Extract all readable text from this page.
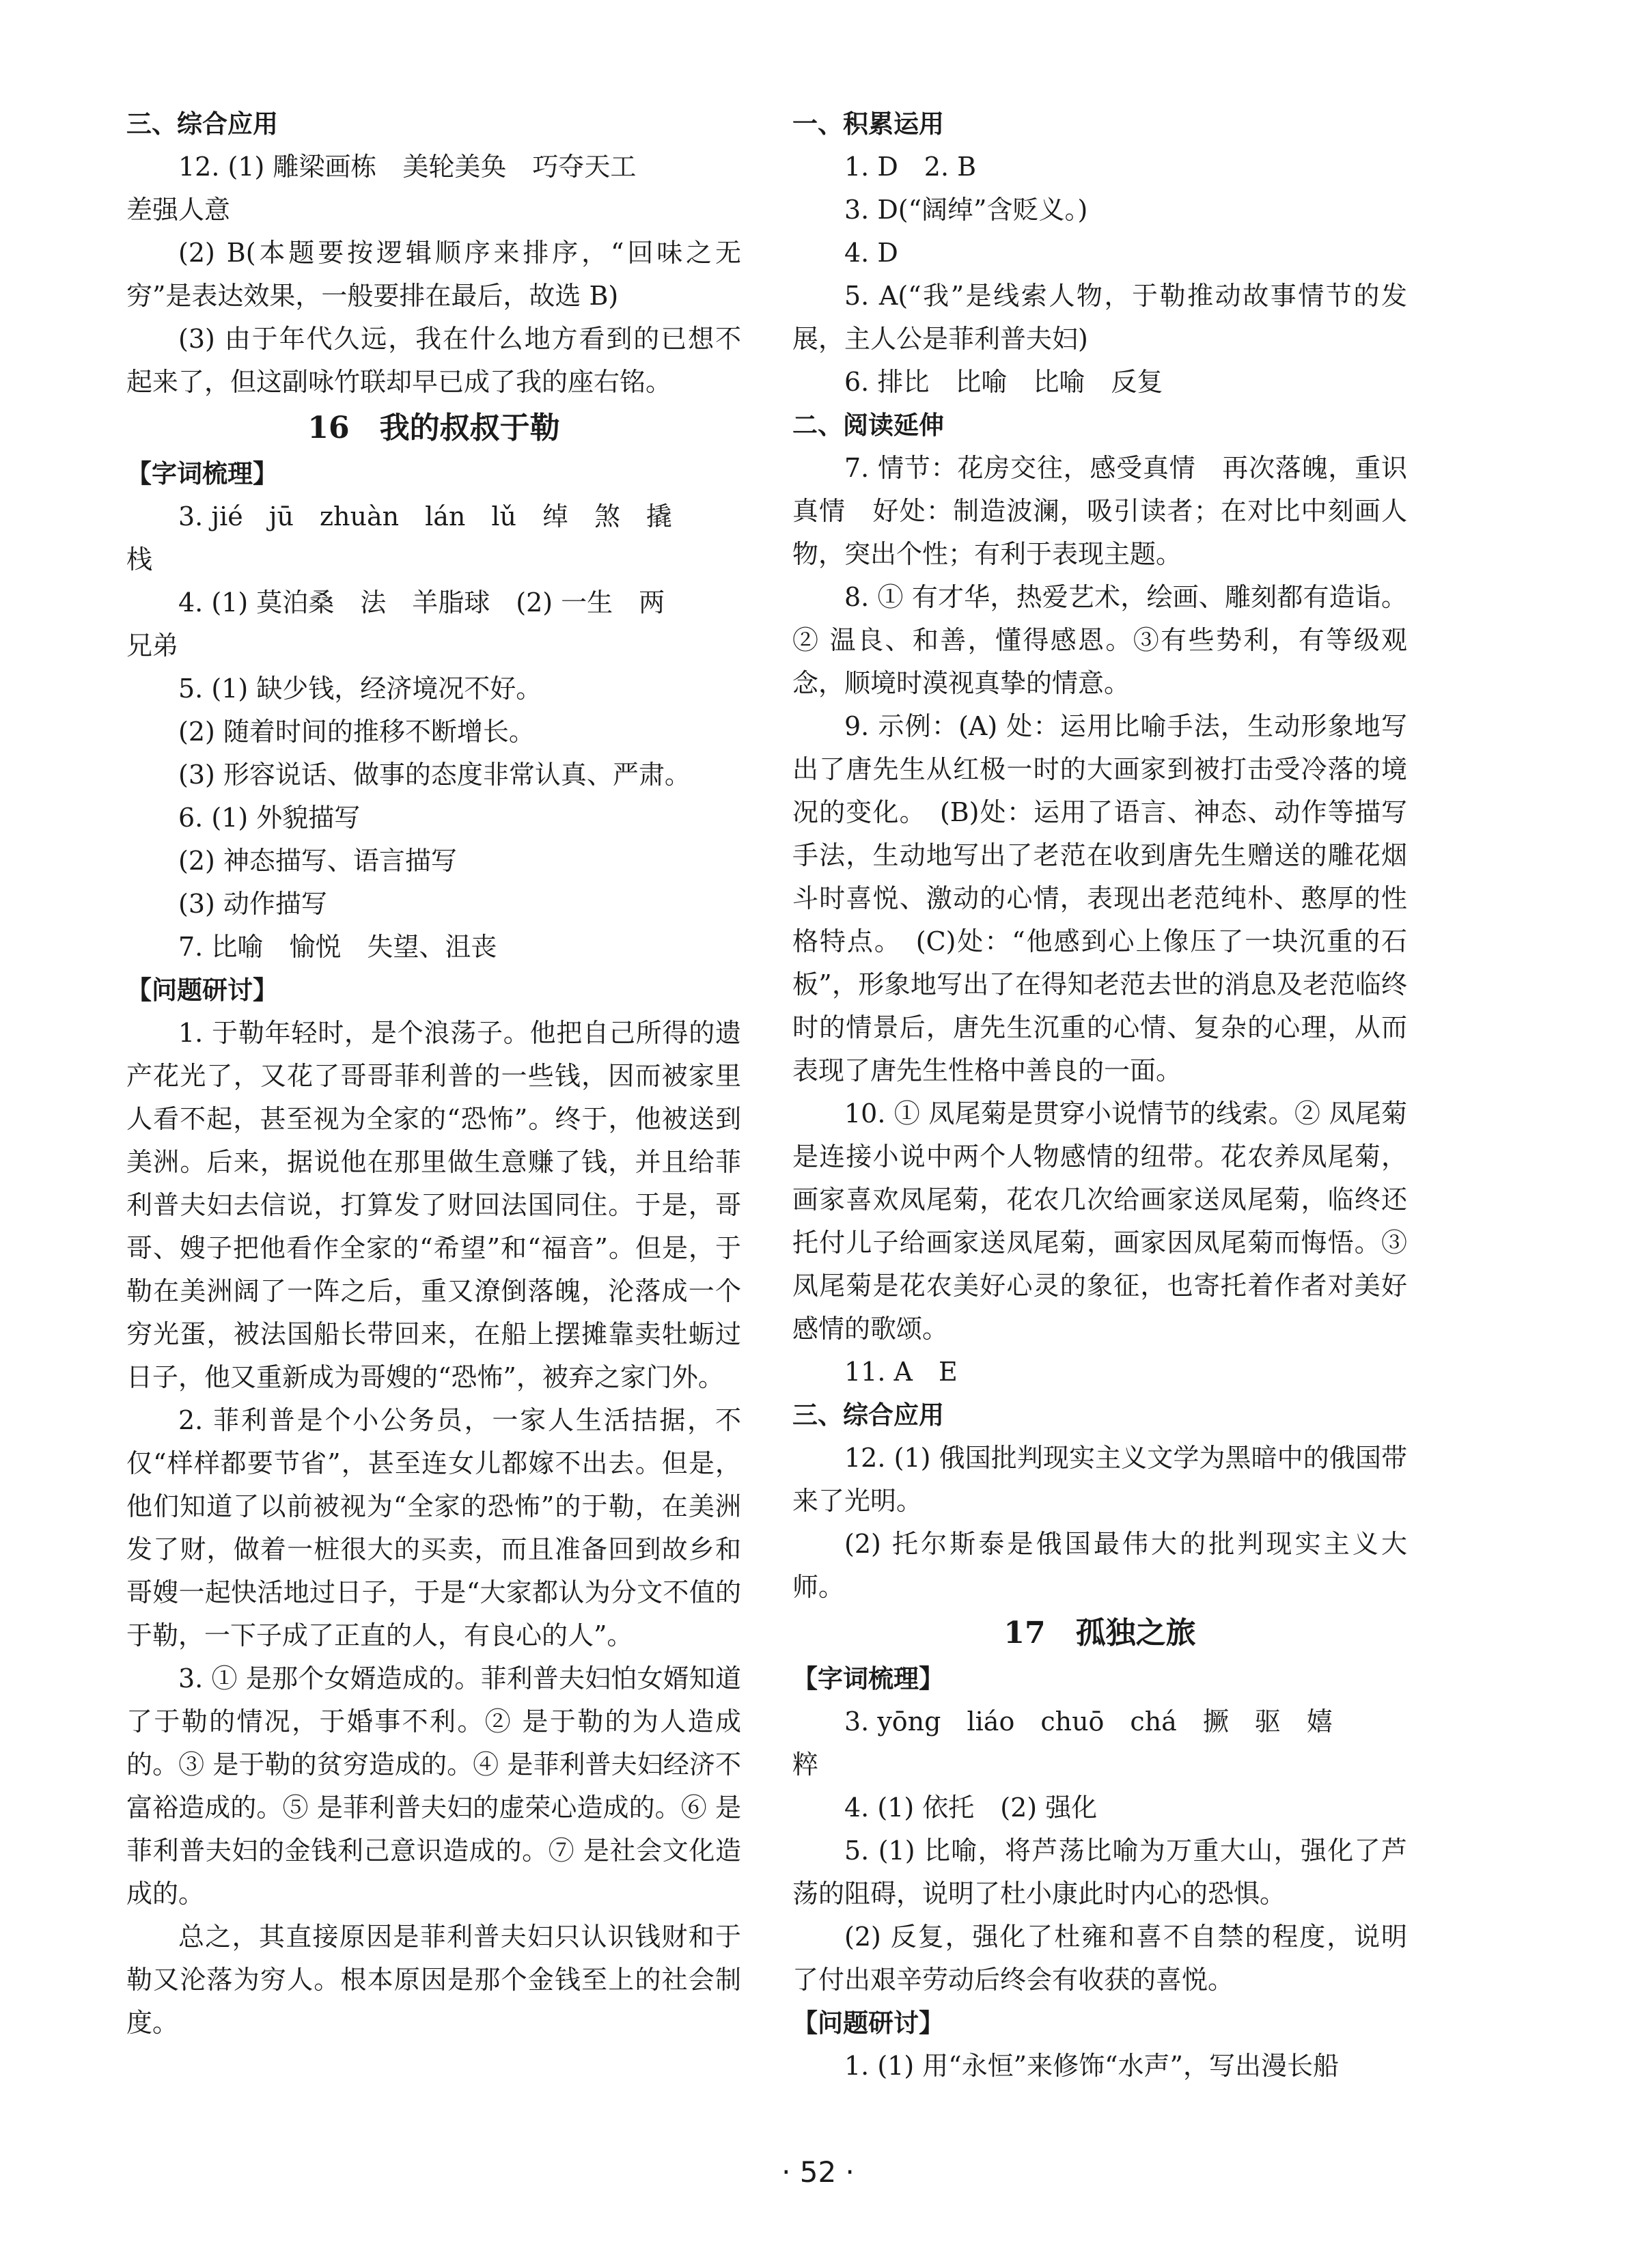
三、综合应用
12. (1) 雕梁画栋　美轮美奂　巧夺天工
差强人意
(2) B(本题要按逻辑顺序来排序，“回味之无穷”是表达效果，一般要排在最后，故选 B)
(3) 由于年代久远，我在什么地方看到的已想不起来了，但这副咏竹联却早已成了我的座右铭。
16　我的叔叔于勒
【字词梳理】
3. jié　jū　zhuàn　lán　lǔ　绰　煞　撬
栈
4. (1) 莫泊桑　法　羊脂球　(2) 一生　两
兄弟
5. (1) 缺少钱，经济境况不好。
(2) 随着时间的推移不断增长。
(3) 形容说话、做事的态度非常认真、严肃。
6. (1) 外貌描写
(2) 神态描写、语言描写
(3) 动作描写
7. 比喻　愉悦　失望、沮丧
【问题研讨】
1. 于勒年轻时，是个浪荡子。他把自己所得的遗产花光了，又花了哥哥菲利普的一些钱，因而被家里人看不起，甚至视为全家的“恐怖”。终于，他被送到美洲。后来，据说他在那里做生意赚了钱，并且给菲利普夫妇去信说，打算发了财回法国同住。于是，哥哥、嫂子把他看作全家的“希望”和“福音”。但是，于勒在美洲阔了一阵之后，重又潦倒落魄，沦落成一个穷光蛋，被法国船长带回来，在船上摆摊靠卖牡蛎过日子，他又重新成为哥嫂的“恐怖”，被弃之家门外。
2. 菲利普是个小公务员，一家人生活拮据，不仅“样样都要节省”，甚至连女儿都嫁不出去。但是，他们知道了以前被视为“全家的恐怖”的于勒，在美洲发了财，做着一桩很大的买卖，而且准备回到故乡和哥嫂一起快活地过日子，于是“大家都认为分文不值的于勒，一下子成了正直的人，有良心的人”。
3. ① 是那个女婿造成的。菲利普夫妇怕女婿知道了于勒的情况，于婚事不利。② 是于勒的为人造成的。③ 是于勒的贫穷造成的。④ 是菲利普夫妇经济不富裕造成的。⑤ 是菲利普夫妇的虚荣心造成的。⑥ 是菲利普夫妇的金钱利己意识造成的。⑦ 是社会文化造成的。
总之，其直接原因是菲利普夫妇只认识钱财和于勒又沦落为穷人。根本原因是那个金钱至上的社会制度。
一、积累运用
1. D　2. B
3. D(“阔绰”含贬义。)
4. D
5. A(“我”是线索人物，于勒推动故事情节的发展，主人公是菲利普夫妇)
6. 排比　比喻　比喻　反复
二、阅读延伸
7. 情节：花房交往，感受真情　再次落魄，重识真情　好处：制造波澜，吸引读者；在对比中刻画人物，突出个性；有利于表现主题。
8. ① 有才华，热爱艺术，绘画、雕刻都有造诣。② 温良、和善，懂得感恩。③有些势利，有等级观念，顺境时漠视真挚的情意。
9. 示例：(A) 处：运用比喻手法，生动形象地写出了唐先生从红极一时的大画家到被打击受冷落的境况的变化。　(B)处：运用了语言、神态、动作等描写手法，生动地写出了老范在收到唐先生赠送的雕花烟斗时喜悦、激动的心情，表现出老范纯朴、憨厚的性格特点。　(C)处：“他感到心上像压了一块沉重的石板”，形象地写出了在得知老范去世的消息及老范临终时的情景后，唐先生沉重的心情、复杂的心理，从而表现了唐先生性格中善良的一面。
10. ① 凤尾菊是贯穿小说情节的线索。② 凤尾菊是连接小说中两个人物感情的纽带。花农养凤尾菊，画家喜欢凤尾菊，花农几次给画家送凤尾菊，临终还托付儿子给画家送凤尾菊，画家因凤尾菊而悔悟。③ 凤尾菊是花农美好心灵的象征，也寄托着作者对美好感情的歌颂。
11. A　E
三、综合应用
12. (1) 俄国批判现实主义文学为黑暗中的俄国带来了光明。
(2) 托尔斯泰是俄国最伟大的批判现实主义大师。
17　孤独之旅
【字词梳理】
3. yōng　liáo　chuō　chá　撅　驱　嬉
粹
4. (1) 依托　(2) 强化
5. (1) 比喻，将芦荡比喻为万重大山，强化了芦荡的阻碍，说明了杜小康此时内心的恐惧。
(2) 反复，强化了杜雍和喜不自禁的程度，说明了付出艰辛劳动后终会有收获的喜悦。
【问题研讨】
1. (1) 用“永恒”来修饰“水声”，写出漫长船
· 52 ·
